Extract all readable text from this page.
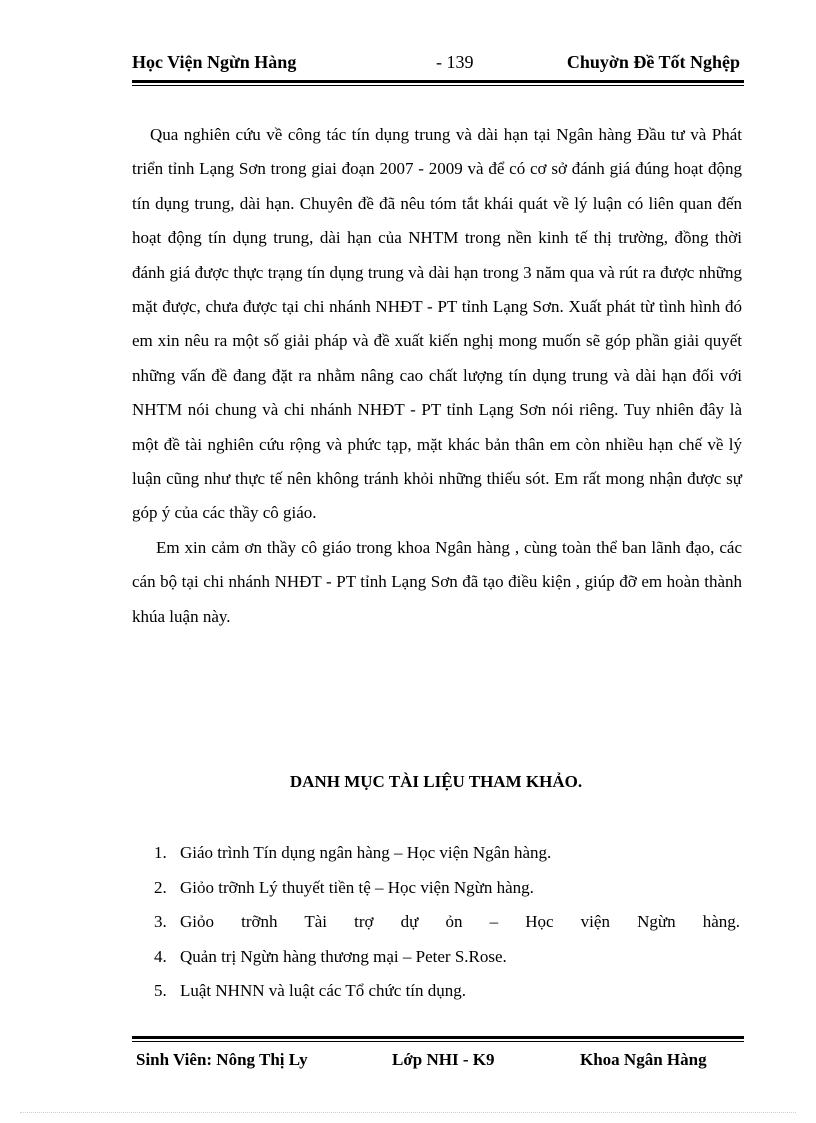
Học Viện Ngừn Hàng	- 139	Chuyờn Đề Tốt Nghệp

Qua nghiên cứu về công tác tín dụng trung và dài hạn tại Ngân hàng Đầu tư và Phát triển tỉnh Lạng Sơn trong giai đoạn 2007 - 2009 và để có cơ sở đánh giá đúng hoạt động tín dụng trung, dài hạn. Chuyên đề đã nêu tóm tắt khái quát về lý luận có liên quan đến hoạt động tín dụng trung, dài hạn của NHTM trong nền kinh tế thị trường, đồng thời đánh giá được thực trạng tín dụng trung và dài hạn trong 3 năm qua và rút ra được những mặt được, chưa được tại chi nhánh NHĐT - PT tỉnh Lạng Sơn. Xuất phát từ tình hình đó em xin nêu ra một số giải pháp và đề xuất kiến nghị mong muốn sẽ góp phần giải quyết những vấn đề đang đặt ra nhằm nâng cao chất lượng tín dụng trung và dài hạn đối với NHTM nói chung và chi nhánh NHĐT - PT tỉnh Lạng Sơn nói riêng. Tuy nhiên đây là một đề tài nghiên cứu rộng và phức tạp, mặt khác bản thân em còn nhiều hạn chế về lý luận cũng như thực tế nên không tránh khỏi những thiếu sót. Em rất mong nhận được sự góp ý của các thầy cô giáo.

Em xin cảm ơn thầy cô giáo trong khoa Ngân hàng , cùng toàn thể ban lãnh đạo, các cán bộ tại chi nhánh NHĐT - PT tỉnh Lạng Sơn đã tạo điều kiện , giúp đỡ em hoàn thành khúa luận này.

DANH MỤC TÀI LIỆU THAM KHẢO.
1. Giáo trình Tín dụng ngân hàng – Học viện Ngân hàng.
2. Giỏo trỡnh Lý thuyết tiền tệ – Học viện Ngừn hàng.
3. Giỏo trỡnh Tài trợ dự ỏn – Học viện Ngừn hàng.
4. Quản trị Ngừn hàng thương mại – Peter S.Rose.
5. Luật NHNN và luật các Tổ chức tín dụng.
Sinh Viên: Nông Thị Ly	Lớp NHI - K9	Khoa Ngân Hàng
